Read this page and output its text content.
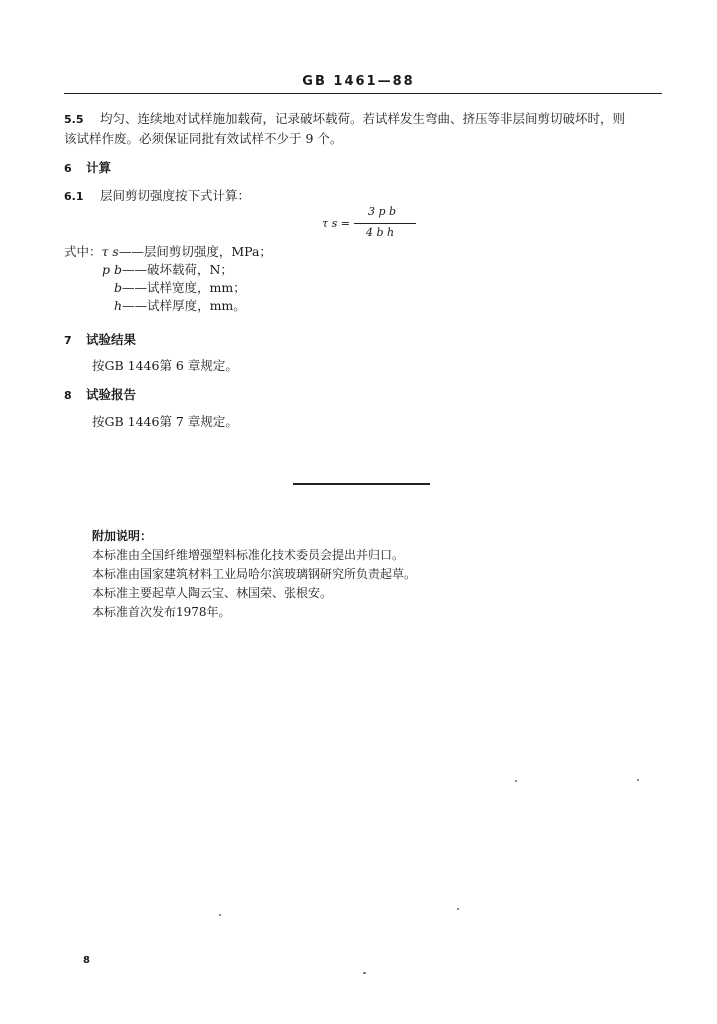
GB 1461—88
5.5 均匀、连续地对试样施加载荷，记录破坏载荷。若试样发生弯曲、挤压等非层间剪切破坏时，则
该试样作废。必须保证同批有效试样不少于 9 个。
6 计算
6.1 层间剪切强度按下式计算：
τ s =
3 p b
4 b h
式中：τ s——层间剪切强度，MPa；
p b——破坏载荷，N；
b——试样宽度，mm；
h——试样厚度，mm。
7 试验结果
按GB 1446第 6 章规定。
8 试验报告
按GB 1446第 7 章规定。
附加说明：
本标准由全国纤维增强塑料标准化技术委员会提出并归口。
本标准由国家建筑材料工业局哈尔滨玻璃钢研究所负责起草。
本标准主要起草人陶云宝、林国荣、张根安。
本标准首次发布1978年。
8
